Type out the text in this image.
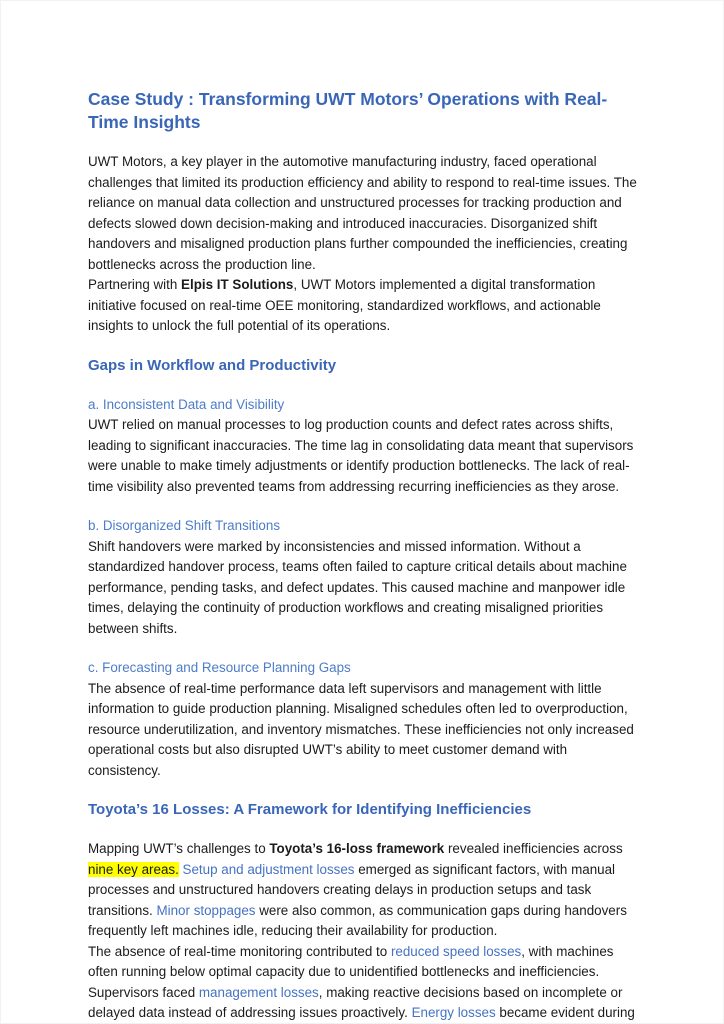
Case Study : Transforming UWT Motors’ Operations with Real-Time Insights

UWT Motors, a key player in the automotive manufacturing industry, faced operational challenges that limited its production efficiency and ability to respond to real-time issues. The reliance on manual data collection and unstructured processes for tracking production and defects slowed down decision-making and introduced inaccuracies. Disorganized shift handovers and misaligned production plans further compounded the inefficiencies, creating bottlenecks across the production line.
Partnering with Elpis IT Solutions, UWT Motors implemented a digital transformation initiative focused on real-time OEE monitoring, standardized workflows, and actionable insights to unlock the full potential of its operations.

Gaps in Workflow and Productivity
a. Inconsistent Data and Visibility

UWT relied on manual processes to log production counts and defect rates across shifts, leading to significant inaccuracies. The time lag in consolidating data meant that supervisors were unable to make timely adjustments or identify production bottlenecks. The lack of real-time visibility also prevented teams from addressing recurring inefficiencies as they arose.

b. Disorganized Shift Transitions

Shift handovers were marked by inconsistencies and missed information. Without a standardized handover process, teams often failed to capture critical details about machine performance, pending tasks, and defect updates. This caused machine and manpower idle times, delaying the continuity of production workflows and creating misaligned priorities between shifts.

c. Forecasting and Resource Planning Gaps

The absence of real-time performance data left supervisors and management with little information to guide production planning. Misaligned schedules often led to overproduction, resource underutilization, and inventory mismatches. These inefficiencies not only increased operational costs but also disrupted UWT’s ability to meet customer demand with consistency.

Toyota’s 16 Losses: A Framework for Identifying Inefficiencies

Mapping UWT’s challenges to Toyota’s 16-loss framework revealed inefficiencies across nine key areas. Setup and adjustment losses emerged as significant factors, with manual processes and unstructured handovers creating delays in production setups and task transitions. Minor stoppages were also common, as communication gaps during handovers frequently left machines idle, reducing their availability for production.
The absence of real-time monitoring contributed to reduced speed losses, with machines often running below optimal capacity due to unidentified bottlenecks and inefficiencies. Supervisors faced management losses, making reactive decisions based on incomplete or delayed data instead of addressing issues proactively. Energy losses became evident during
